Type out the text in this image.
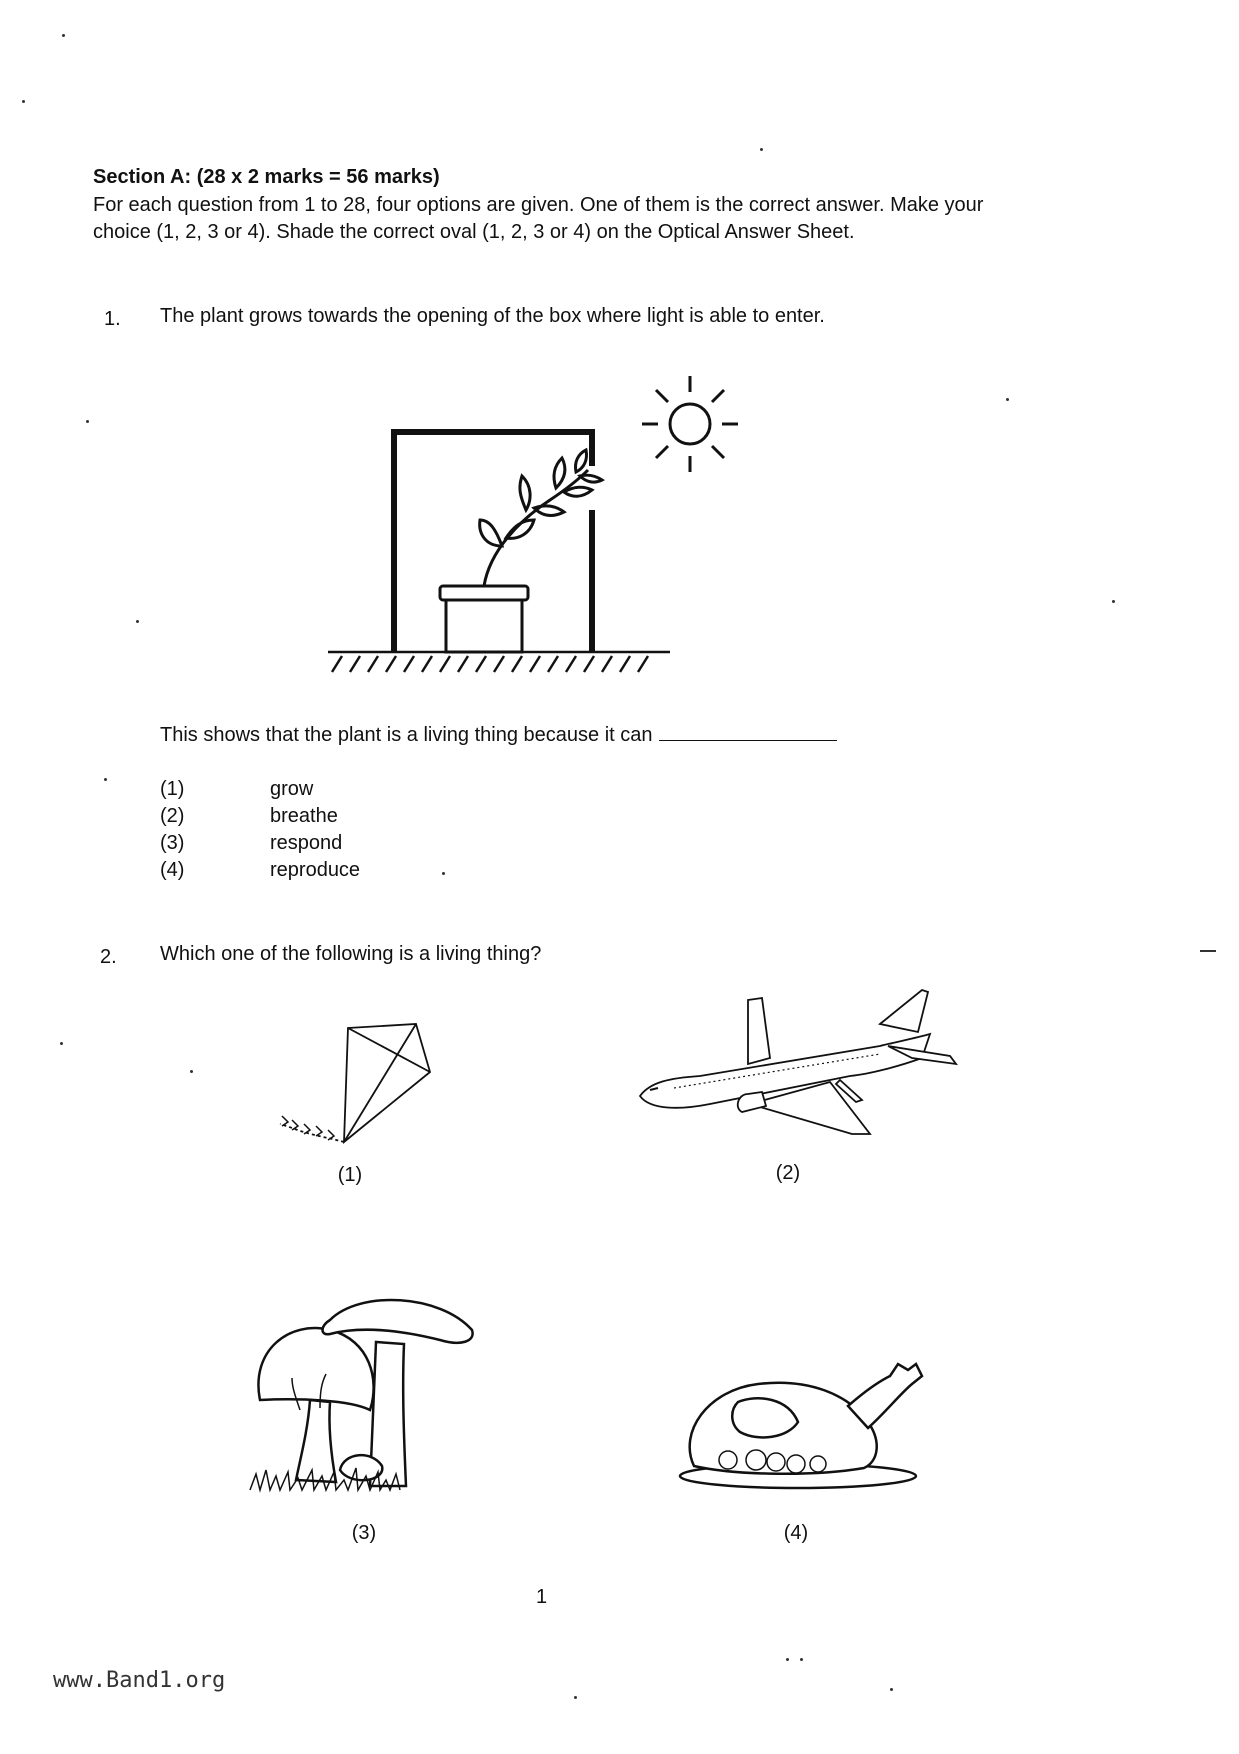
Section A: (28 x 2 marks = 56 marks)
For each question from 1 to 28, four options are given. One of them is the correct answer. Make your choice (1, 2, 3 or 4). Shade the correct oval (1, 2, 3 or 4) on the Optical Answer Sheet.
1. The plant grows towards the opening of the box where light is able to enter.
This shows that the plant is a living thing because it can
(1)	grow
(2)	breathe
(3)	respond
(4)	reproduce
2. Which one of the following is a living thing?
(1)	(2)
(3)	(4)
1
www.Band1.org
